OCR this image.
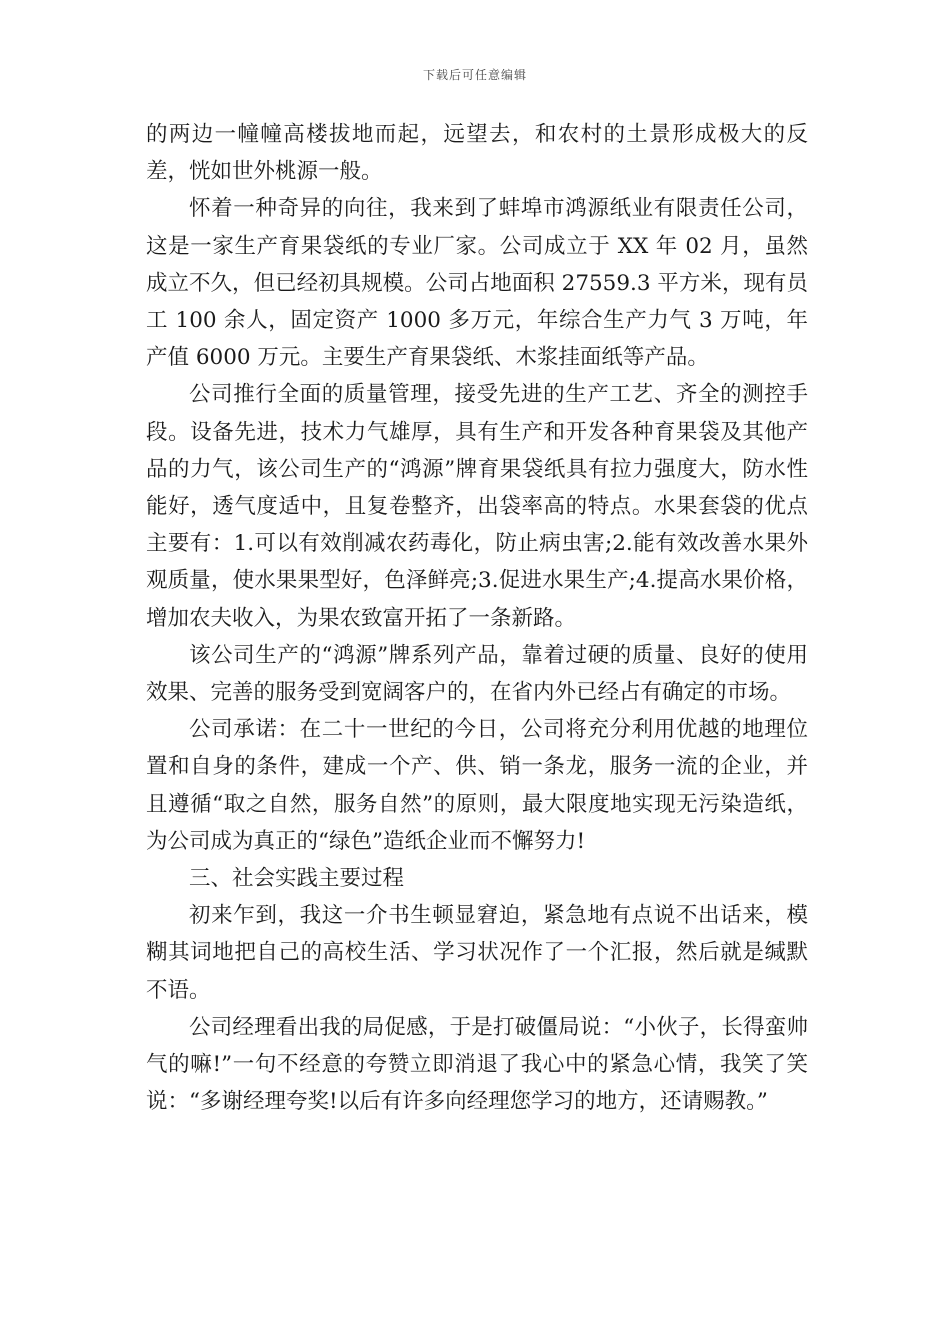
下载后可任意编辑

的两边一幢幢高楼拔地而起，远望去，和农村的土景形成极大的反差，恍如世外桃源一般。

怀着一种奇异的向往，我来到了蚌埠市鸿源纸业有限责任公司，这是一家生产育果袋纸的专业厂家。公司成立于 XX 年 02 月，虽然成立不久，但已经初具规模。公司占地面积 27559.3 平方米，现有员工 100 余人，固定资产 1000 多万元，年综合生产力气 3 万吨，年产值 6000 万元。主要生产育果袋纸、木浆挂面纸等产品。

公司推行全面的质量管理，接受先进的生产工艺、齐全的测控手段。设备先进，技术力气雄厚，具有生产和开发各种育果袋及其他产品的力气，该公司生产的“鸿源”牌育果袋纸具有拉力强度大，防水性能好，透气度适中，且复卷整齐，出袋率高的特点。水果套袋的优点主要有：1.可以有效削减农药毒化，防止病虫害;2.能有效改善水果外观质量，使水果果型好，色泽鲜亮;3.促进水果生产;4.提高水果价格，增加农夫收入，为果农致富开拓了一条新路。

该公司生产的“鸿源”牌系列产品，靠着过硬的质量、良好的使用效果、完善的服务受到宽阔客户的，在省内外已经占有确定的市场。

公司承诺：在二十一世纪的今日，公司将充分利用优越的地理位置和自身的条件，建成一个产、供、销一条龙，服务一流的企业，并且遵循“取之自然，服务自然”的原则，最大限度地实现无污染造纸，为公司成为真正的“绿色”造纸企业而不懈努力!

三、社会实践主要过程

初来乍到，我这一介书生顿显窘迫，紧急地有点说不出话来，模糊其词地把自己的高校生活、学习状况作了一个汇报，然后就是缄默不语。

公司经理看出我的局促感，于是打破僵局说：“小伙子，长得蛮帅气的嘛!”一句不经意的夸赞立即消退了我心中的紧急心情，我笑了笑说：“多谢经理夸奖!以后有许多向经理您学习的地方，还请赐教。”
